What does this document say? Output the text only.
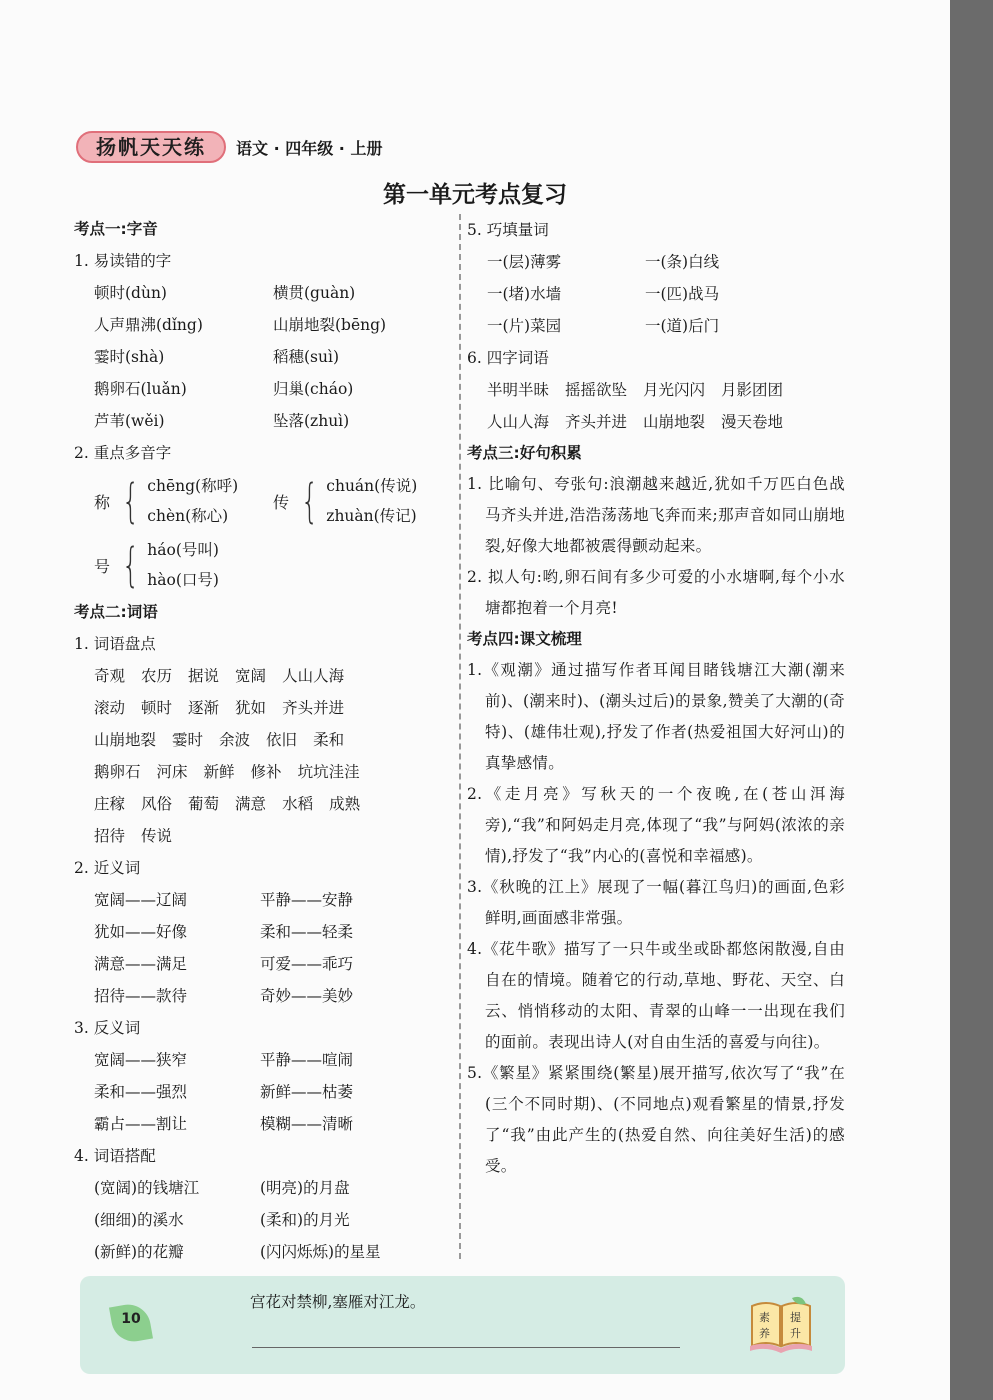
扬帆天天练	语文 · 四年级 · 上册
第一单元考点复习
考点一:字音
1. 易读错的字
顿时(dùn)	横贯(guàn)
人声鼎沸(dǐng)	山崩地裂(bēng)
霎时(shà)	稻穗(suì)
鹅卵石(luǎn)	归巢(cháo)
芦苇(wěi)	坠落(zhuì)
2. 重点多音字
称 { chēng(称呼)
chèn(称心)
传 { chuán(传说)
zhuàn(传记)
号 { háo(号叫)
hào(口号)
考点二:词语
1. 词语盘点
奇观 农历 据说 宽阔 人山人海
滚动 顿时 逐渐 犹如 齐头并进
山崩地裂 霎时 余波 依旧 柔和
鹅卵石 河床 新鲜 修补 坑坑洼洼
庄稼 风俗 葡萄 满意 水稻 成熟
招待 传说
2. 近义词
宽阔——辽阔	平静——安静
犹如——好像	柔和——轻柔
满意——满足	可爱——乖巧
招待——款待	奇妙——美妙
3. 反义词
宽阔——狭窄	平静——喧闹
柔和——强烈	新鲜——枯萎
霸占——割让	模糊——清晰
4. 词语搭配
(宽阔)的钱塘江	(明亮)的月盘
(细细)的溪水	(柔和)的月光
(新鲜)的花瓣	(闪闪烁烁)的星星
5. 巧填量词
一(层)薄雾	一(条)白线
一(堵)水墙	一(匹)战马
一(片)菜园	一(道)后门
6. 四字词语
半明半昧 摇摇欲坠 月光闪闪 月影团团
人山人海 齐头并进 山崩地裂 漫天卷地
考点三:好句积累
1. 比喻句、夸张句:浪潮越来越近,犹如千万匹白色战马齐头并进,浩浩荡荡地飞奔而来;那声音如同山崩地裂,好像大地都被震得颤动起来。
2. 拟人句:哟,卵石间有多少可爱的小水塘啊,每个小水塘都抱着一个月亮!
考点四:课文梳理
1.《观潮》通过描写作者耳闻目睹钱塘江大潮(潮来前)、(潮来时)、(潮头过后)的景象,赞美了大潮的(奇特)、(雄伟壮观),抒发了作者(热爱祖国大好河山)的真挚感情。
2.《走月亮》写秋天的一个夜晚,在(苍山洱海旁),“我”和阿妈走月亮,体现了“我”与阿妈(浓浓的亲情),抒发了“我”内心的(喜悦和幸福感)。
3.《秋晚的江上》展现了一幅(暮江鸟归)的画面,色彩鲜明,画面感非常强。
4.《花牛歌》描写了一只牛或坐或卧都悠闲散漫,自由自在的情境。随着它的行动,草地、野花、天空、白云、悄悄移动的太阳、青翠的山峰一一出现在我们的面前。表现出诗人(对自由生活的喜爱与向往)。
5.《繁星》紧紧围绕(繁星)展开描写,依次写了“我”在(三个不同时期)、(不同地点)观看繁星的情景,抒发了“我”由此产生的(热爱自然、向往美好生活)的感受。
10
宫花对禁柳,塞雁对江龙。
素 提
养 升
